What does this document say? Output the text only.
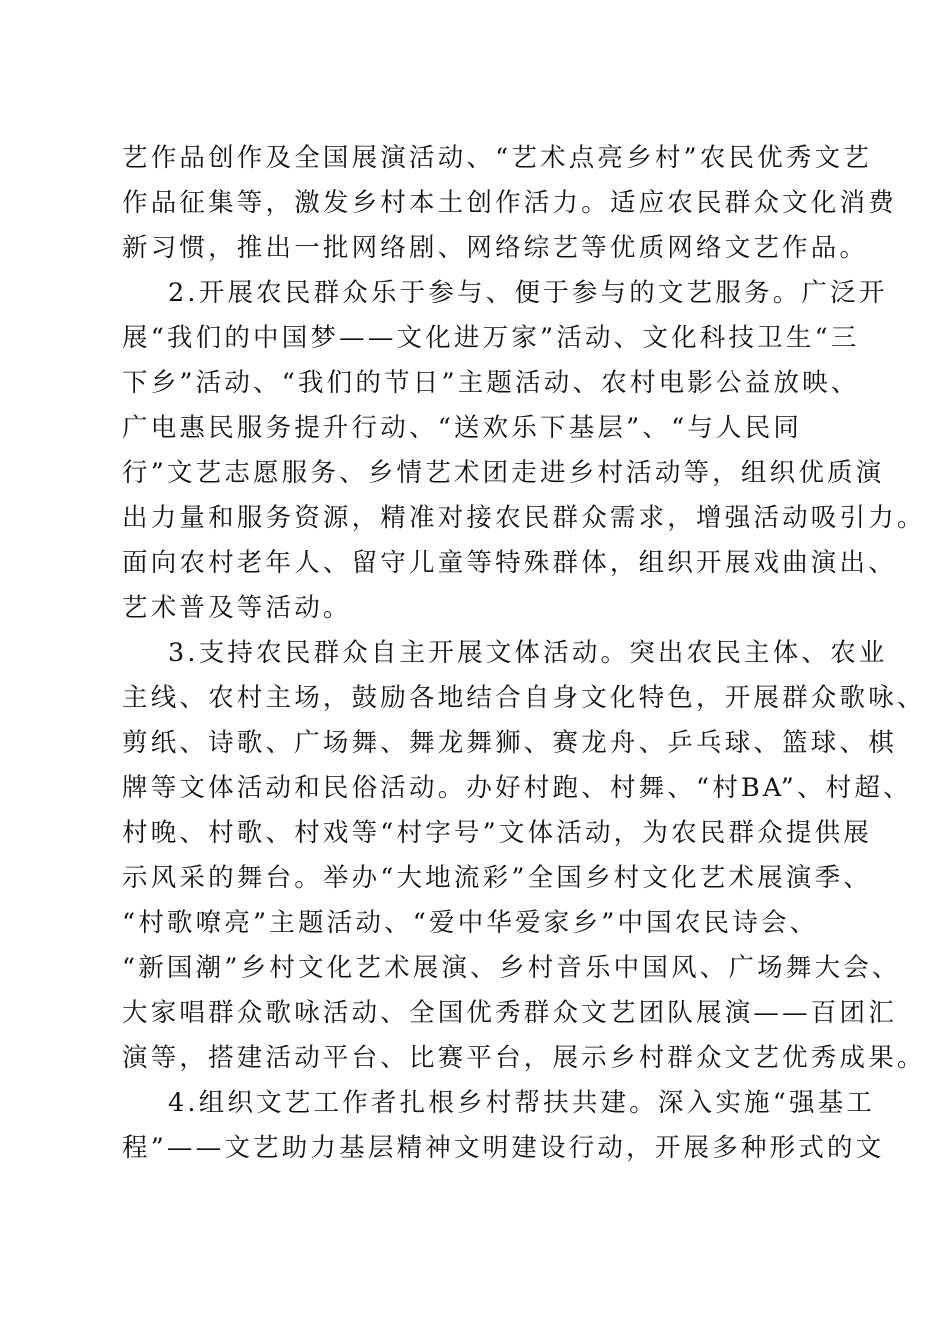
艺作品创作及全国展演活动、“艺术点亮乡村”农民优秀文艺
作品征集等，激发乡村本土创作活力。适应农民群众文化消费
新习惯，推出一批网络剧、网络综艺等优质网络文艺作品。
2.开展农民群众乐于参与、便于参与的文艺服务。广泛开
展“我们的中国梦——文化进万家”活动、文化科技卫生“三
下乡”活动、“我们的节日”主题活动、农村电影公益放映、
广电惠民服务提升行动、“送欢乐下基层”、“与人民同
行”文艺志愿服务、乡情艺术团走进乡村活动等，组织优质演
出力量和服务资源，精准对接农民群众需求，增强活动吸引力。
面向农村老年人、留守儿童等特殊群体，组织开展戏曲演出、
艺术普及等活动。
3.支持农民群众自主开展文体活动。突出农民主体、农业
主线、农村主场，鼓励各地结合自身文化特色，开展群众歌咏、
剪纸、诗歌、广场舞、舞龙舞狮、赛龙舟、乒乓球、篮球、棋
牌等文体活动和民俗活动。办好村跑、村舞、“村BA”、村超、
村晚、村歌、村戏等“村字号”文体活动，为农民群众提供展
示风采的舞台。举办“大地流彩”全国乡村文化艺术展演季、
“村歌嘹亮”主题活动、“爱中华爱家乡”中国农民诗会、
“新国潮”乡村文化艺术展演、乡村音乐中国风、广场舞大会、
大家唱群众歌咏活动、全国优秀群众文艺团队展演——百团汇
演等，搭建活动平台、比赛平台，展示乡村群众文艺优秀成果。
4.组织文艺工作者扎根乡村帮扶共建。深入实施“强基工
程”——文艺助力基层精神文明建设行动，开展多种形式的文
